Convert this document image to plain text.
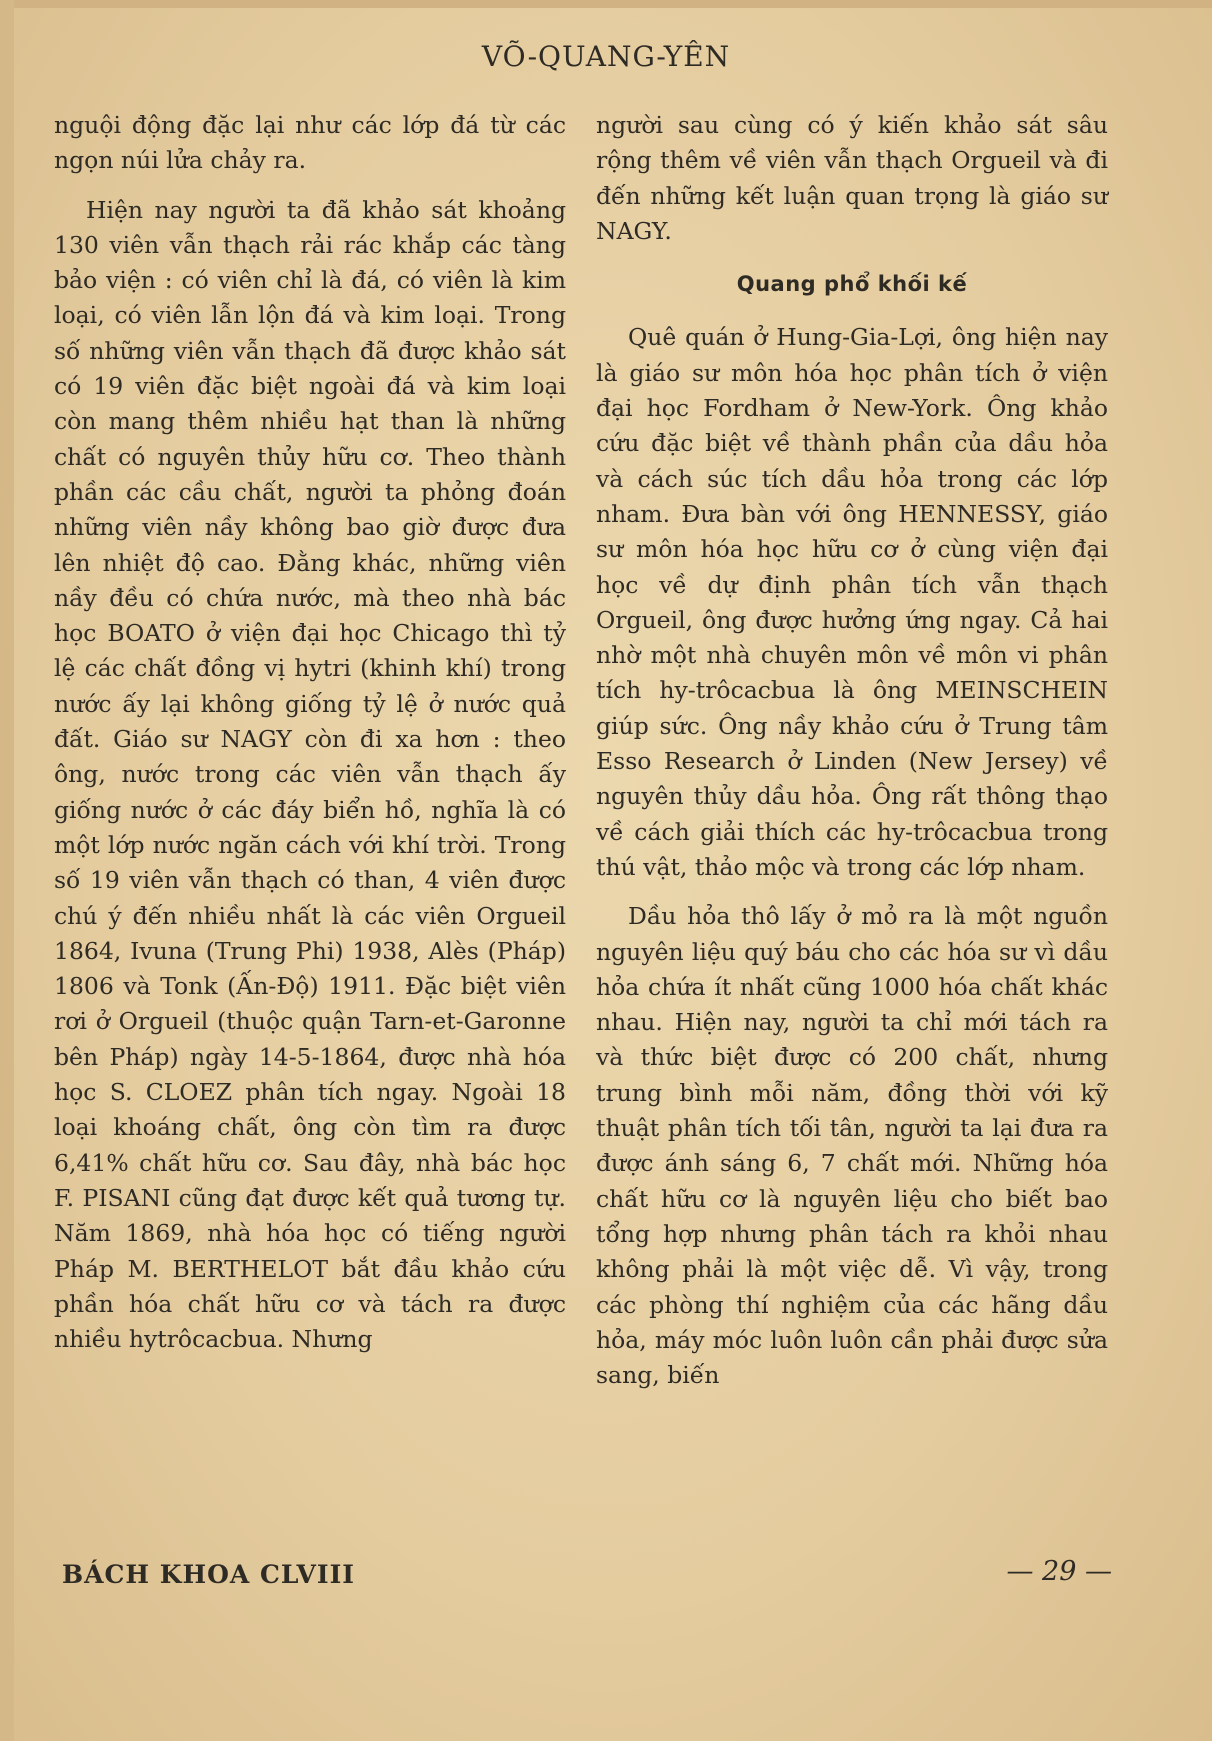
VÕ-QUANG-YÊN

nguội động đặc lại như các lớp đá từ các ngọn núi lửa chảy ra.

Hiện nay người ta đã khảo sát khoảng 130 viên vẫn thạch rải rác khắp các tàng bảo viện : có viên chỉ là đá, có viên là kim loại, có viên lẫn lộn đá và kim loại. Trong số những viên vẫn thạch đã được khảo sát có 19 viên đặc biệt ngoài đá và kim loại còn mang thêm nhiều hạt than là những chất có nguyên thủy hữu cơ. Theo thành phần các cầu chất, người ta phỏng đoán những viên nầy không bao giờ được đưa lên nhiệt độ cao. Đằng khác, những viên nầy đều có chứa nước, mà theo nhà bác học BOATO ở viện đại học Chicago thì tỷ lệ các chất đồng vị hytri (khinh khí) trong nước ấy lại không giống tỷ lệ ở nước quả đất. Giáo sư NAGY còn đi xa hơn : theo ông, nước trong các viên vẫn thạch ấy giống nước ở các đáy biển hồ, nghĩa là có một lớp nước ngăn cách với khí trời. Trong số 19 viên vẫn thạch có than, 4 viên được chú ý đến nhiều nhất là các viên Orgueil 1864, Ivuna (Trung Phi) 1938, Alès (Pháp) 1806 và Tonk (Ấn-Độ) 1911. Đặc biệt viên rơi ở Orgueil (thuộc quận Tarn-et-Garonne bên Pháp) ngày 14-5-1864, được nhà hóa học S. CLOEZ phân tích ngay. Ngoài 18 loại khoáng chất, ông còn tìm ra được 6,41% chất hữu cơ. Sau đây, nhà bác học F. PISANI cũng đạt được kết quả tương tự. Năm 1869, nhà hóa học có tiếng người Pháp M. BERTHELOT bắt đầu khảo cứu phần hóa chất hữu cơ và tách ra được nhiều hytrôcacbua. Nhưng

người sau cùng có ý kiến khảo sát sâu rộng thêm về viên vẫn thạch Orgueil và đi đến những kết luận quan trọng là giáo sư NAGY.

Quang phổ khối kế

Quê quán ở Hung-Gia-Lợi, ông hiện nay là giáo sư môn hóa học phân tích ở viện đại học Fordham ở New-York. Ông khảo cứu đặc biệt về thành phần của dầu hỏa và cách súc tích dầu hỏa trong các lớp nham. Đưa bàn với ông HENNESSY, giáo sư môn hóa học hữu cơ ở cùng viện đại học về dự định phân tích vẫn thạch Orgueil, ông được hưởng ứng ngay. Cả hai nhờ một nhà chuyên môn về môn vi phân tích hy-trôcacbua là ông MEINSCHEIN giúp sức. Ông nầy khảo cứu ở Trung tâm Esso Research ở Linden (New Jersey) về nguyên thủy dầu hỏa. Ông rất thông thạo về cách giải thích các hy-trôcacbua trong thú vật, thảo mộc và trong các lớp nham.

Dầu hỏa thô lấy ở mỏ ra là một nguồn nguyên liệu quý báu cho các hóa sư vì dầu hỏa chứa ít nhất cũng 1000 hóa chất khác nhau. Hiện nay, người ta chỉ mới tách ra và thức biệt được có 200 chất, nhưng trung bình mỗi năm, đồng thời với kỹ thuật phân tích tối tân, người ta lại đưa ra được ánh sáng 6, 7 chất mới. Những hóa chất hữu cơ là nguyên liệu cho biết bao tổng hợp nhưng phân tách ra khỏi nhau không phải là một việc dễ. Vì vậy, trong các phòng thí nghiệm của các hãng dầu hỏa, máy móc luôn luôn cần phải được sửa sang, biến

BÁCH KHOA CLVIII	— 29 —
